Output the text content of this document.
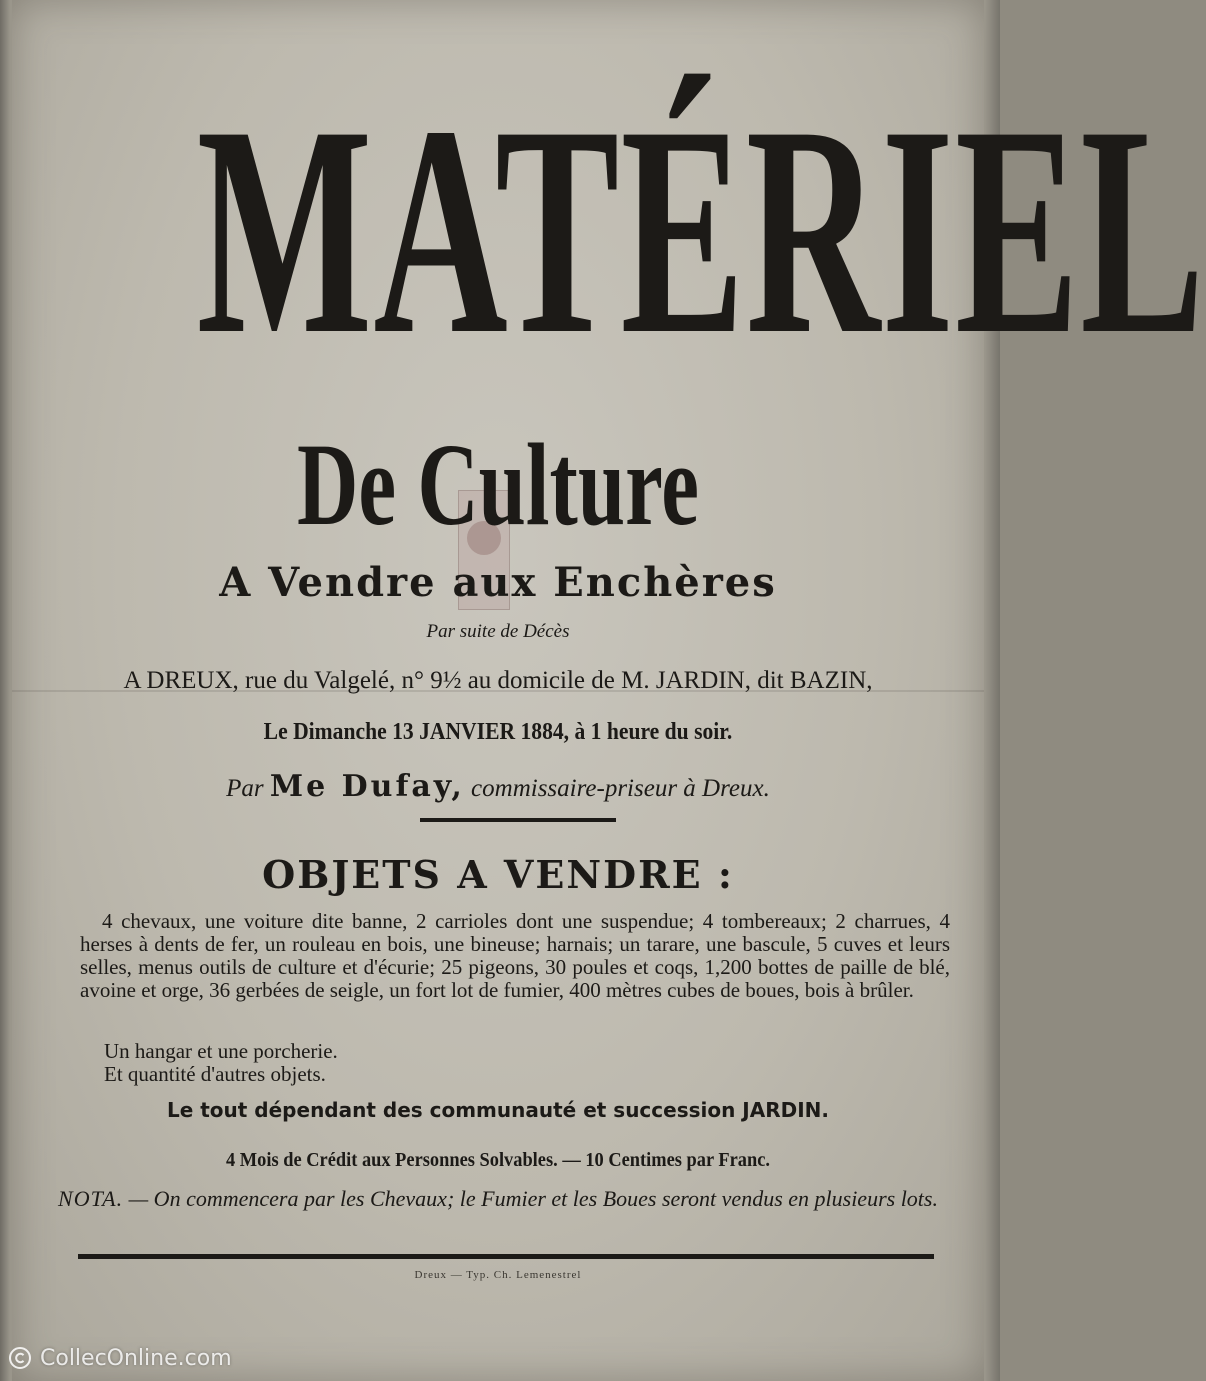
MATÉRIEL
De Culture
A Vendre aux Enchères
Par suite de Décès
A DREUX, rue du Valgelé, n° 9½ au domicile de M. JARDIN, dit BAZIN,
Le Dimanche 13 JANVIER 1884, à 1 heure du soir.
Par Me Dufay, commissaire-priseur à Dreux.
OBJETS A VENDRE :
4 chevaux, une voiture dite banne, 2 carrioles dont une suspendue; 4 tombereaux; 2 charrues, 4 herses à dents de fer, un rouleau en bois, une bineuse; harnais; un tarare, une bascule, 5 cuves et leurs selles, menus outils de culture et d'écurie; 25 pigeons, 30 poules et coqs, 1,200 bottes de paille de blé, avoine et orge, 36 gerbées de seigle, un fort lot de fumier, 400 mètres cubes de boues, bois à brûler.
Un hangar et une porcherie.
Et quantité d'autres objets.
Le tout dépendant des communauté et succession JARDIN.
4 Mois de Crédit aux Personnes Solvables. — 10 Centimes par Franc.
NOTA. — On commencera par les Chevaux; le Fumier et les Boues seront vendus en plusieurs lots.
Dreux — Typ. Ch. Lemenestrel
CollecOnline.com
